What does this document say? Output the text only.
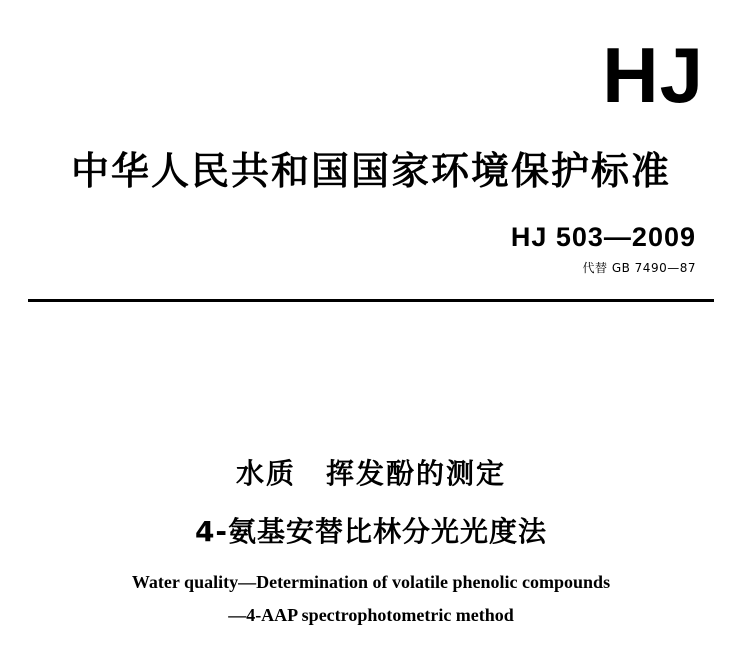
HJ
中华人民共和国国家环境保护标准
HJ 503—2009
代替 GB 7490—87
水质　挥发酚的测定
4-氨基安替比林分光光度法
Water quality—Determination of volatile phenolic compounds
—4-AAP spectrophotometric method
